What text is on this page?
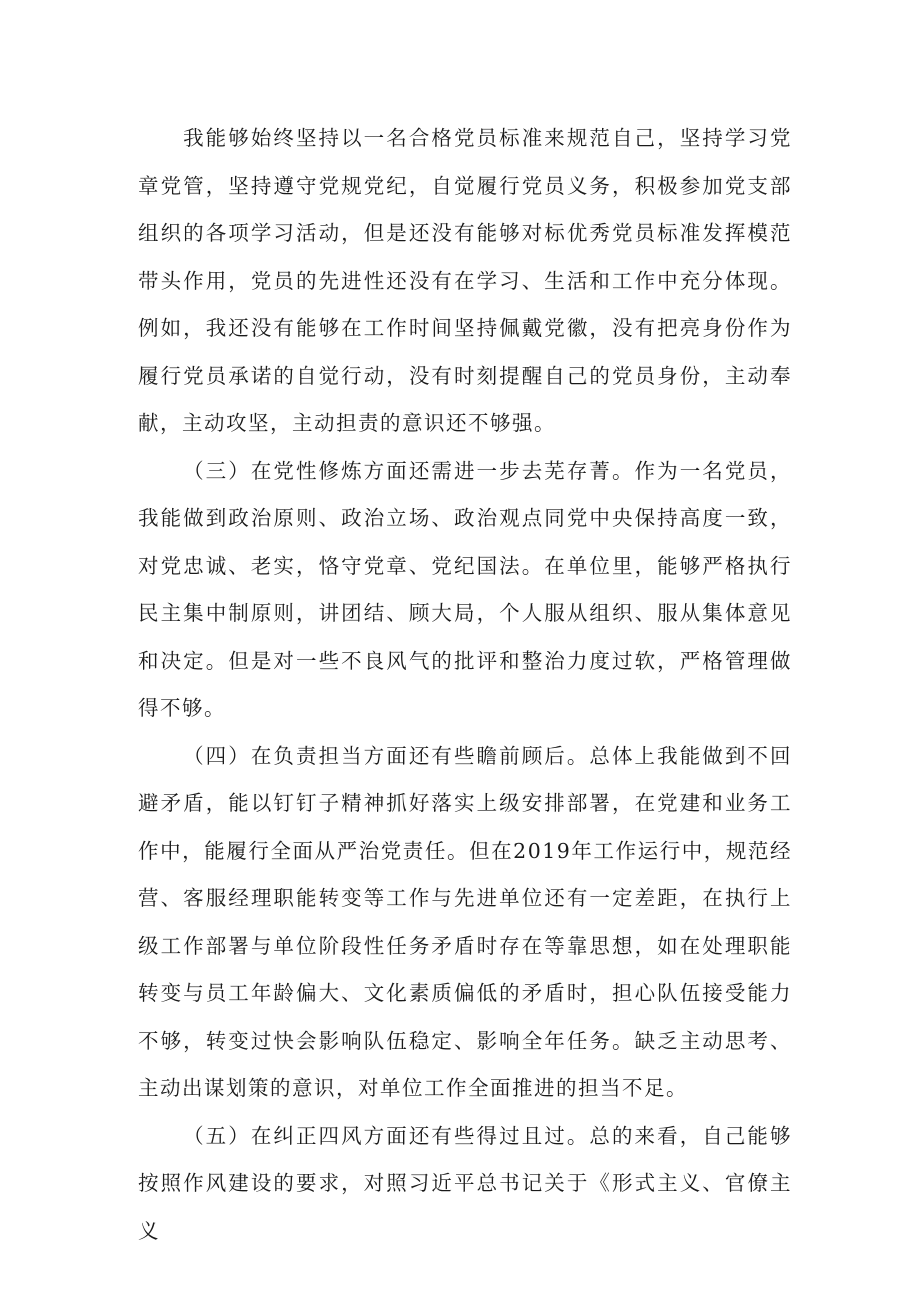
我能够始终坚持以一名合格党员标准来规范自己，坚持学习党章党管，坚持遵守党规党纪，自觉履行党员义务，积极参加党支部组织的各项学习活动，但是还没有能够对标优秀党员标准发挥模范带头作用，党员的先进性还没有在学习、生活和工作中充分体现。例如，我还没有能够在工作时间坚持佩戴党徽，没有把亮身份作为履行党员承诺的自觉行动，没有时刻提醒自己的党员身份，主动奉献，主动攻坚，主动担责的意识还不够强。

（三）在党性修炼方面还需进一步去芜存菁。作为一名党员，我能做到政治原则、政治立场、政治观点同党中央保持高度一致，对党忠诚、老实，恪守党章、党纪国法。在单位里，能够严格执行民主集中制原则，讲团结、顾大局，个人服从组织、服从集体意见和决定。但是对一些不良风气的批评和整治力度过软，严格管理做得不够。

（四）在负责担当方面还有些瞻前顾后。总体上我能做到不回避矛盾，能以钉钉子精神抓好落实上级安排部署，在党建和业务工作中，能履行全面从严治党责任。但在2019年工作运行中，规范经营、客服经理职能转变等工作与先进单位还有一定差距，在执行上级工作部署与单位阶段性任务矛盾时存在等靠思想，如在处理职能转变与员工年龄偏大、文化素质偏低的矛盾时，担心队伍接受能力不够，转变过快会影响队伍稳定、影响全年任务。缺乏主动思考、主动出谋划策的意识，对单位工作全面推进的担当不足。

（五）在纠正四风方面还有些得过且过。总的来看，自己能够按照作风建设的要求，对照习近平总书记关于《形式主义、官僚主义
